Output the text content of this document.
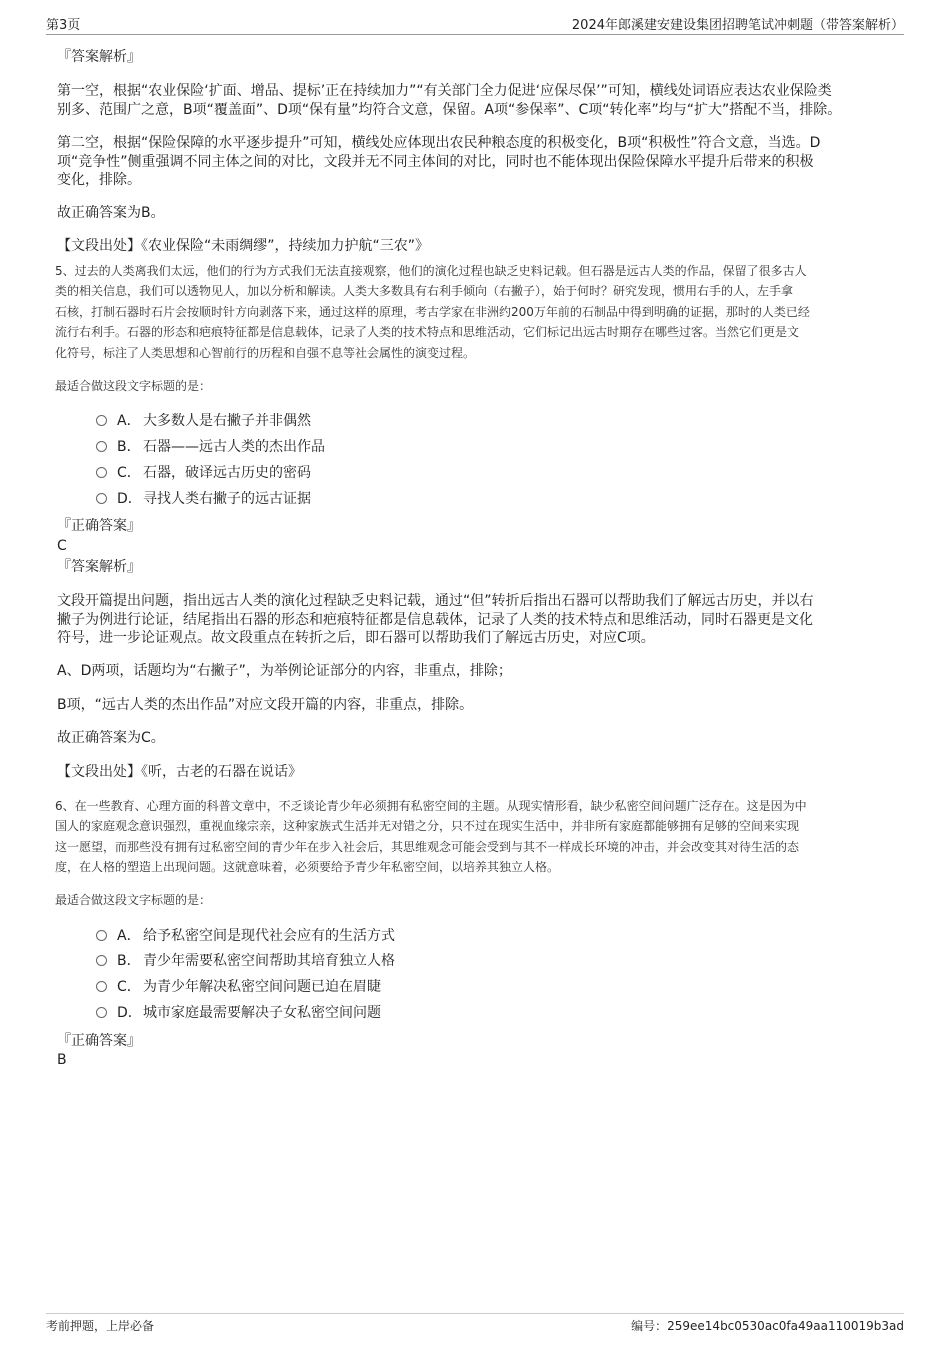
第3页	2024年郎溪建安建设集团招聘笔试冲刺题（带答案解析）
『答案解析』
第一空，根据“农业保险‘扩面、增品、提标’正在持续加力”“有关部门全力促进‘应保尽保’”可知，横线处词语应表达农业保险类
别多、范围广之意，B项“覆盖面”、D项“保有量”均符合文意，保留。A项“参保率”、C项“转化率”均与“扩大”搭配不当，排除。
第二空，根据“保险保障的水平逐步提升”可知，横线处应体现出农民种粮态度的积极变化，B项“积极性”符合文意，当选。D
项“竞争性”侧重强调不同主体之间的对比，文段并无不同主体间的对比，同时也不能体现出保险保障水平提升后带来的积极
变化，排除。
故正确答案为B。
【文段出处】《农业保险“未雨绸缪”，持续加力护航“三农”》
5、过去的人类离我们太远，他们的行为方式我们无法直接观察，他们的演化过程也缺乏史料记载。但石器是远古人类的作品，保留了很多古人
类的相关信息，我们可以透物见人，加以分析和解读。人类大多数具有右利手倾向（右撇子），始于何时？研究发现，惯用右手的人，左手拿
石核，打制石器时石片会按顺时针方向剥落下来，通过这样的原理，考古学家在非洲约200万年前的石制品中得到明确的证据，那时的人类已经
流行右利手。石器的形态和疤痕特征都是信息载体，记录了人类的技术特点和思维活动，它们标记出远古时期存在哪些过客。当然它们更是文
化符号，标注了人类思想和心智前行的历程和自强不息等社会属性的演变过程。
最适合做这段文字标题的是：
A． 大多数人是右撇子并非偶然
B． 石器——远古人类的杰出作品
C． 石器，破译远古历史的密码
D．寻找人类右撇子的远古证据
『正确答案』
C
『答案解析』
文段开篇提出问题，指出远古人类的演化过程缺乏史料记载，通过“但”转折后指出石器可以帮助我们了解远古历史，并以右
撇子为例进行论证，结尾指出石器的形态和疤痕特征都是信息载体，记录了人类的技术特点和思维活动，同时石器更是文化
符号，进一步论证观点。故文段重点在转折之后，即石器可以帮助我们了解远古历史，对应C项。
A、D两项，话题均为“右撇子”，为举例论证部分的内容，非重点，排除；
B项，“远古人类的杰出作品”对应文段开篇的内容，非重点，排除。
故正确答案为C。
【文段出处】《听，古老的石器在说话》
6、在一些教育、心理方面的科普文章中，不乏谈论青少年必须拥有私密空间的主题。从现实情形看，缺少私密空间问题广泛存在。这是因为中
国人的家庭观念意识强烈，重视血缘宗亲，这种家族式生活并无对错之分，只不过在现实生活中，并非所有家庭都能够拥有足够的空间来实现
这一愿望，而那些没有拥有过私密空间的青少年在步入社会后，其思维观念可能会受到与其不一样成长环境的冲击，并会改变其对待生活的态
度，在人格的塑造上出现问题。这就意味着，必须要给予青少年私密空间，以培养其独立人格。
最适合做这段文字标题的是：
A． 给予私密空间是现代社会应有的生活方式
B． 青少年需要私密空间帮助其培育独立人格
C． 为青少年解决私密空间问题已迫在眉睫
D．城市家庭最需要解决子女私密空间问题
『正确答案』
B
考前押题，上岸必备	编号：259ee14bc0530ac0fa49aa110019b3ad
